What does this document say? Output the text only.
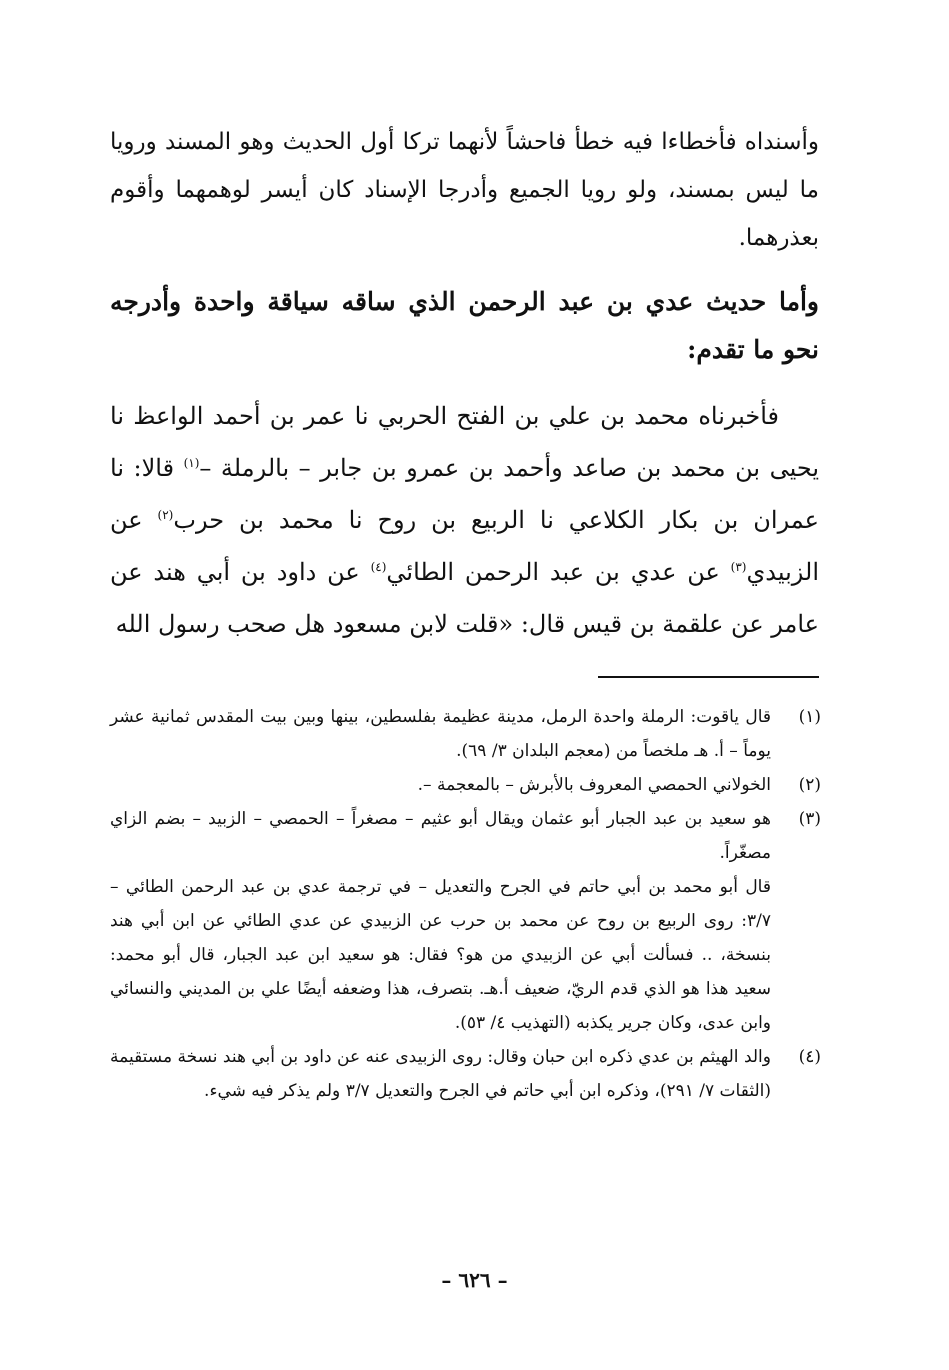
وأسنداه فأخطاءا فيه خطأ فاحشاً لأنهما تركا أول الحديث وهو المسند ورويا ما ليس بمسند، ولو رويا الجميع وأدرجا الإسناد كان أيسر لوهمهما وأقوم بعذرهما.
وأما حديث عدي بن عبد الرحمن الذي ساقه سياقة واحدة وأدرجه نحو ما تقدم:
فأخبرناه محمد بن علي بن الفتح الحربي نا عمر بن أحمد الواعظ نا يحيى بن محمد بن صاعد وأحمد بن عمرو بن جابر – بالرملة –$^{(١)}$ قالا: نا عمران بن بكار الكلاعي نا الربيع بن روح نا محمد بن حرب$^{(٢)}$ عن الزبيدي$^{(٣)}$ عن عدي بن عبد الرحمن الطائي$^{(٤)}$ عن داود بن أبي هند عن عامر عن علقمة بن قيس قال: «قلت لابن مسعود هل صحب رسول الله
(١)

قال ياقوت: الرملة واحدة الرمل، مدينة عظيمة بفلسطين، بينها وبين بيت المقدس ثمانية عشر يوماً – أ. هـ ملخصاً من (معجم البلدان ٣/ ٦٩).

(٢)

الخولاني الحمصي المعروف بالأبرش – بالمعجمة –.

(٣)

هو سعيد بن عبد الجبار أبو عثمان ويقال أبو عثيم – مصغراً – الحمصي – الزبيد – بضم الزاي مصغّراً.

قال أبو محمد بن أبي حاتم في الجرح والتعديل – في ترجمة عدي بن عبد الرحمن الطائي – ٣/٧: روى الربيع بن روح عن محمد بن حرب عن الزبيدي عن عدي الطائي عن ابن أبي هند بنسخة، .. فسألت أبي عن الزبيدي من هو؟ فقال: هو سعيد ابن عبد الجبار، قال أبو محمد: سعيد هذا هو الذي قدم الريّ، ضعيف أ.هـ. بتصرف، هذا وضعفه أيضًا علي بن المديني والنسائي وابن عدى، وكان جرير يكذبه (التهذيب ٤/ ٥٣).

(٤)

والد الهيثم بن عدي ذكره ابن حبان وقال: روى الزبيدى عنه عن داود بن أبي هند نسخة مستقيمة (الثقات ٧/ ٢٩١)، وذكره ابن أبي حاتم في الجرح والتعديل ٣/٧ ولم يذكر فيه شيء.

– ٦٢٦ –
